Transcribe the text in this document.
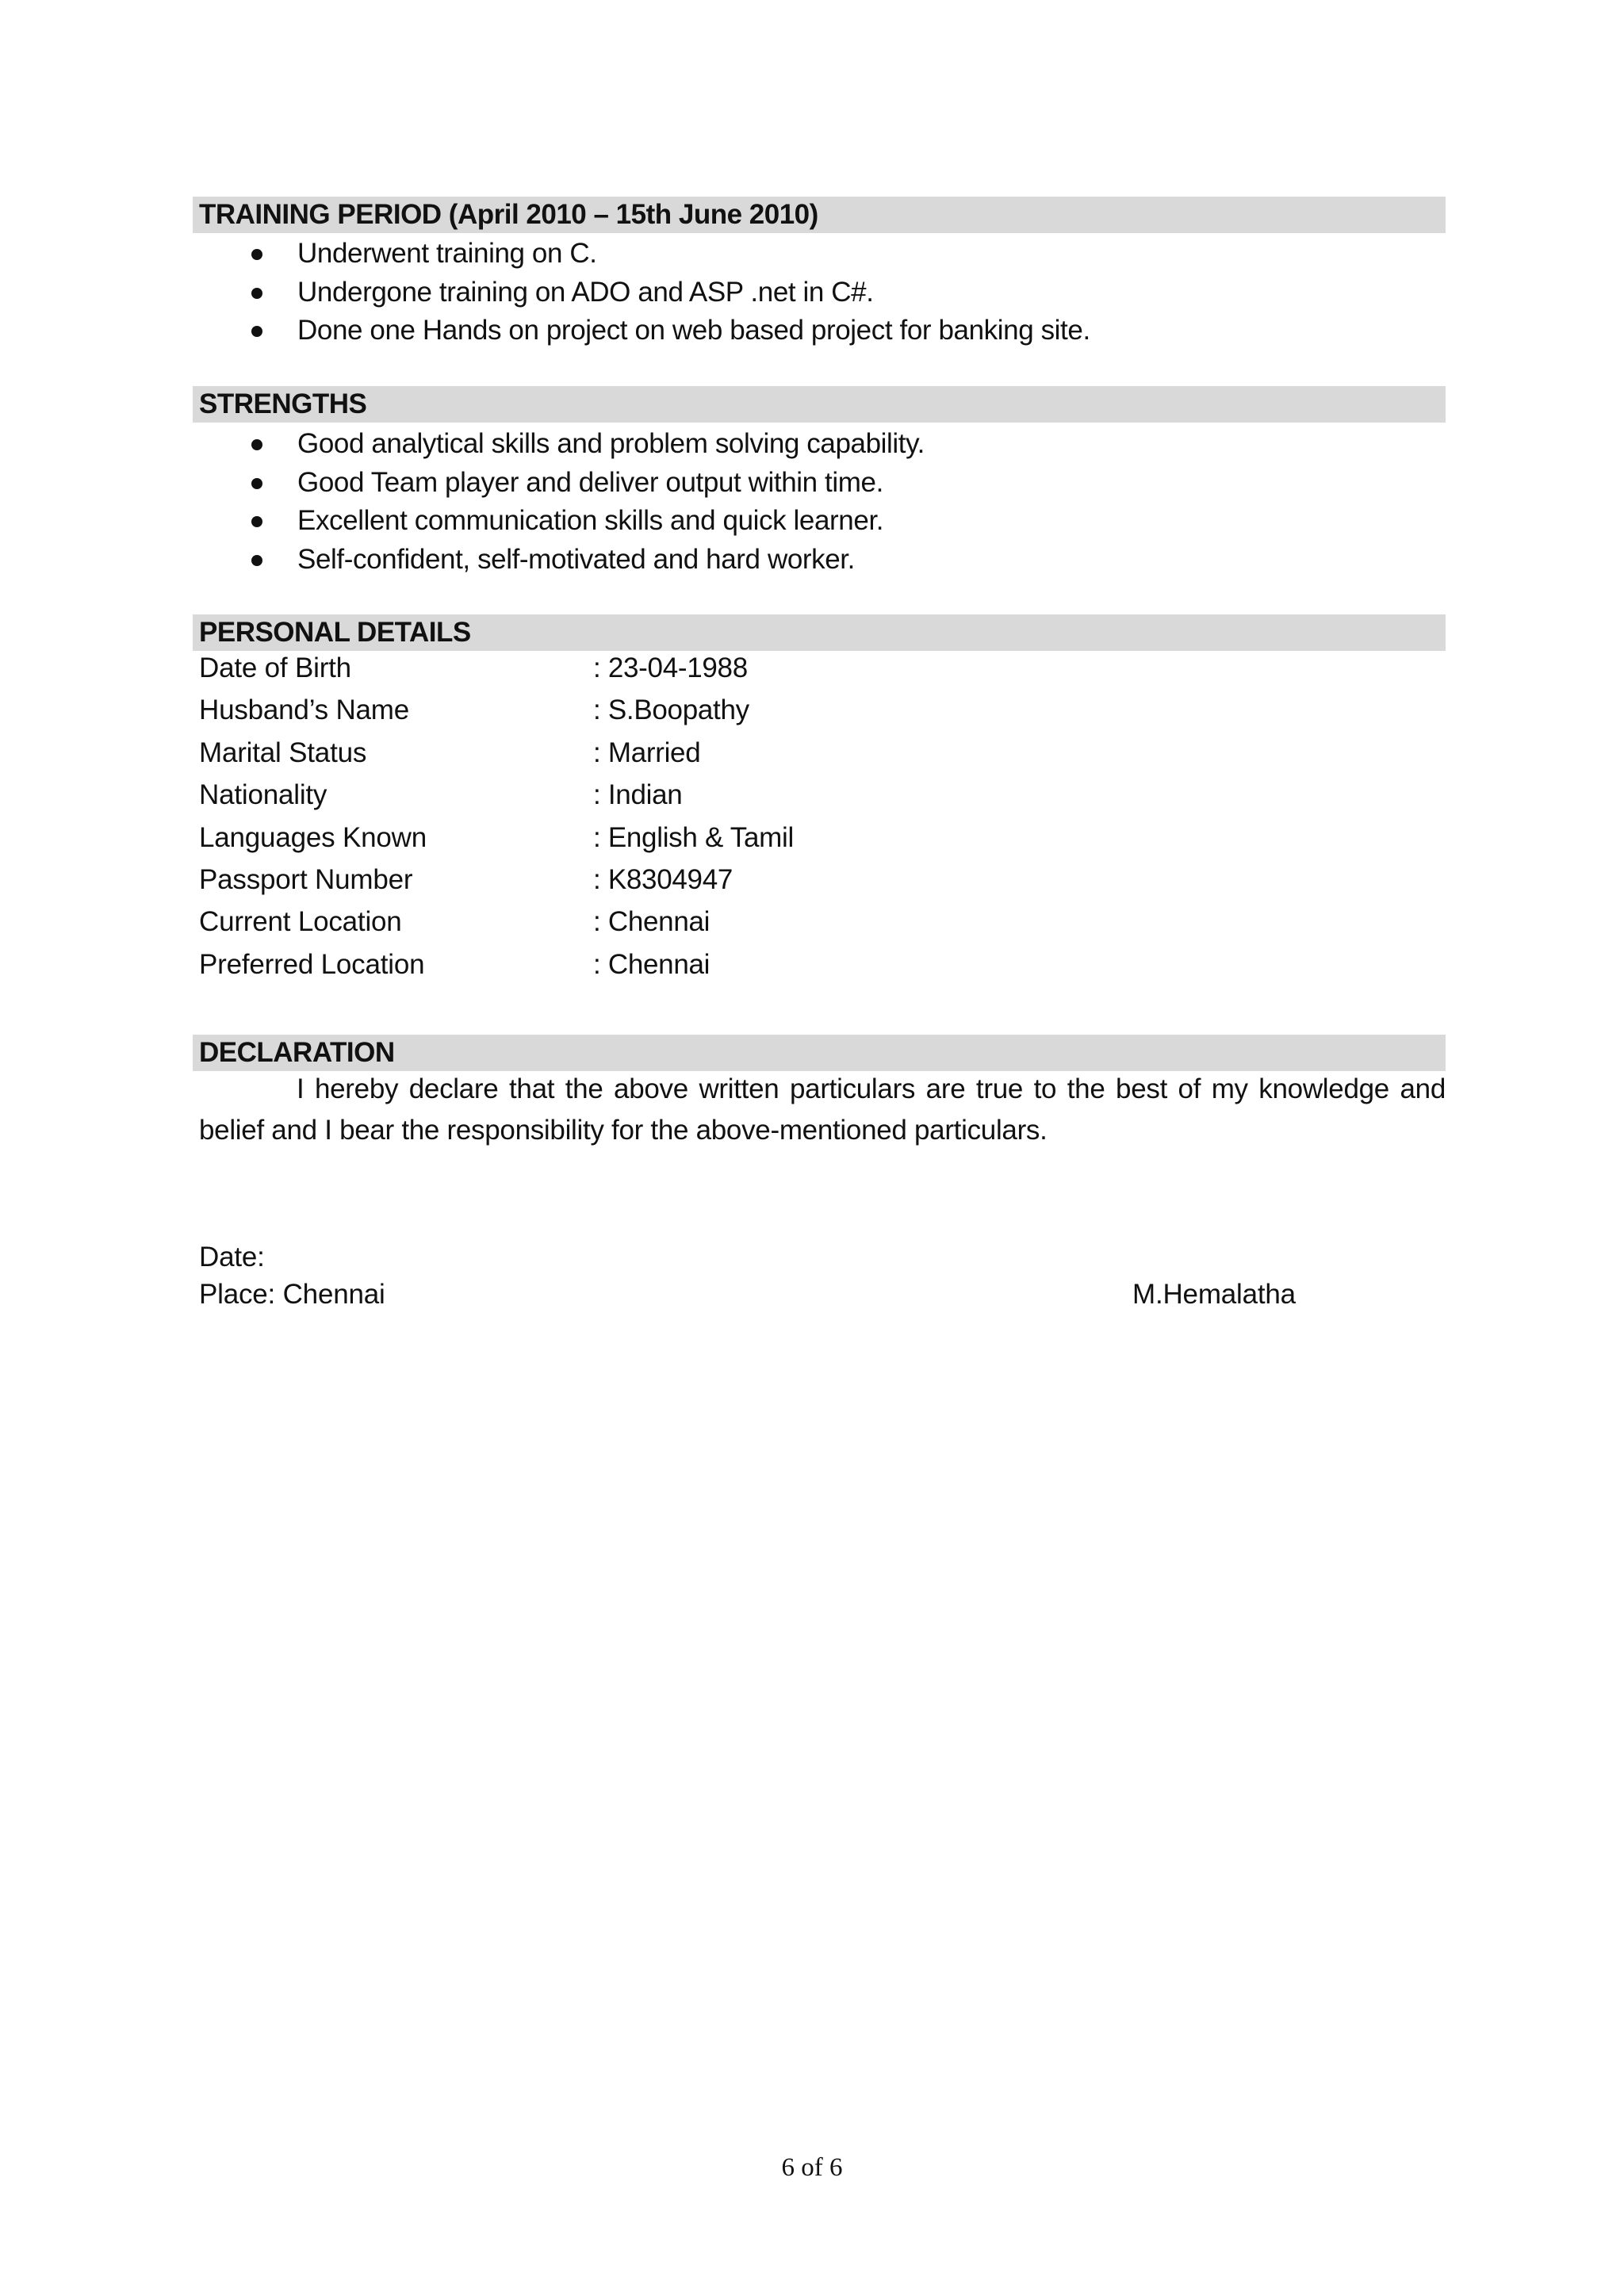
TRAINING PERIOD (April 2010 – 15th June 2010)
Underwent training on C.
Undergone training on ADO and ASP .net in C#.
Done one Hands on project on web based project for banking site.
STRENGTHS
Good analytical skills and problem solving capability.
Good Team player and deliver output within time.
Excellent communication skills and quick learner.
Self-confident, self-motivated and hard worker.
PERSONAL DETAILS
Date of Birth	: 23-04-1988
Husband’s Name	: S.Boopathy
Marital Status	: Married
Nationality	: Indian
Languages Known	: English & Tamil
Passport Number	: K8304947
Current Location	: Chennai
Preferred Location	: Chennai
DECLARATION

I hereby declare that the above written particulars are true to the best of my knowledge and belief and I bear the responsibility for the above-mentioned particulars.

Date:
Place: Chennai	M.Hemalatha
6 of 6
